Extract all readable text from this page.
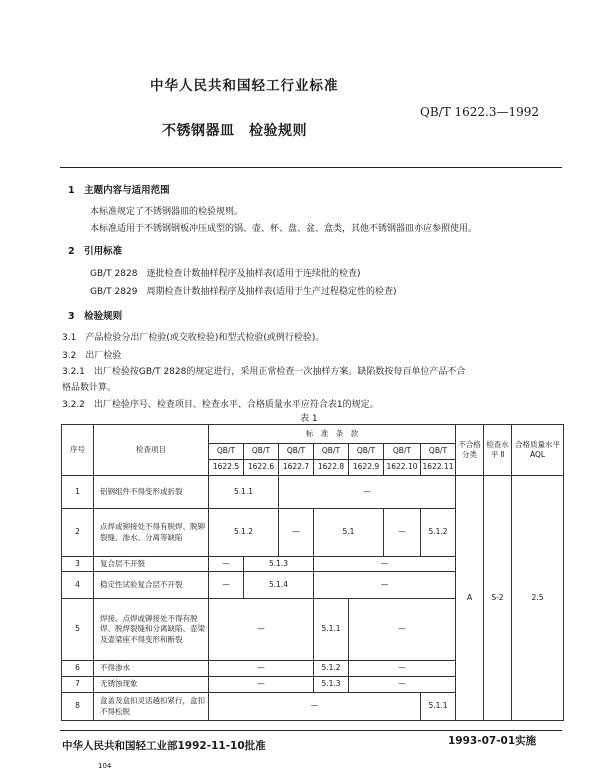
中华人民共和国轻工行业标准
QB/T 1622.3—1992
不锈钢器皿　检验规则
1　主题内容与适用范围
本标准规定了不锈钢器皿的检验规则。
本标准适用于不锈钢钢板冲压成型的锅、壶、杯、盘、盆、盒类，其他不锈钢器皿亦应参照使用。
2　引用标准
GB/T 2828　逐批检查计数抽样程序及抽样表(适用于连续批的检查)
GB/T 2829　周期检查计数抽样程序及抽样表(适用于生产过程稳定性的检查)
3　检验规则
3.1　产品检验分出厂检验(或交收检验)和型式检验(或例行检验)。
3.2　出厂检验
3.2.1　出厂检验按GB/T 2828的规定进行，采用正常检查一次抽样方案。缺陷数按每百单位产品不合
格品数计算。
3.2.2　出厂检验序号、检查项目、检查水平、合格质量水平应符合表1的规定。
表 1
序号	检查项目	标　准　条　款							不合格分类	检查水平 Ⅱ	合格质量水平 AQL
		QB/T	QB/T	QB/T	QB/T	QB/T	QB/T	QB/T			
		1622.5	1622.6	1622.7	1622.8	1622.9	1622.10	1622.11			
1	铝钢组件不得变形或折裂	5.1.1		—					A	S-2	2.5
2	点焊或铆接处不得有脱焊、脱铆裂缝、渗水、分离等缺陷	5.1.2		—	5.1		—	5.1.2			
3	复合层不开裂	—	5.1.3		—						
4	稳定性试验复合层不开裂	—	5.1.4		—						
5	焊接、点焊或铆接处不得有脱焊、脱焊裂缝和分离缺陷、壶梁及壶梁座不得变形和断裂	—			5.1.1	—					
6	不得渗水	—			5.1.2	—					
7	无锈蚀现象	—			5.1.3	—					
8	盒盖及盒扣灵活越扣紧行，盒扣不得松脱	—						5.1.1			
中华人民共和国轻工业部1992-11-10批准	1993-07-01实施
104
